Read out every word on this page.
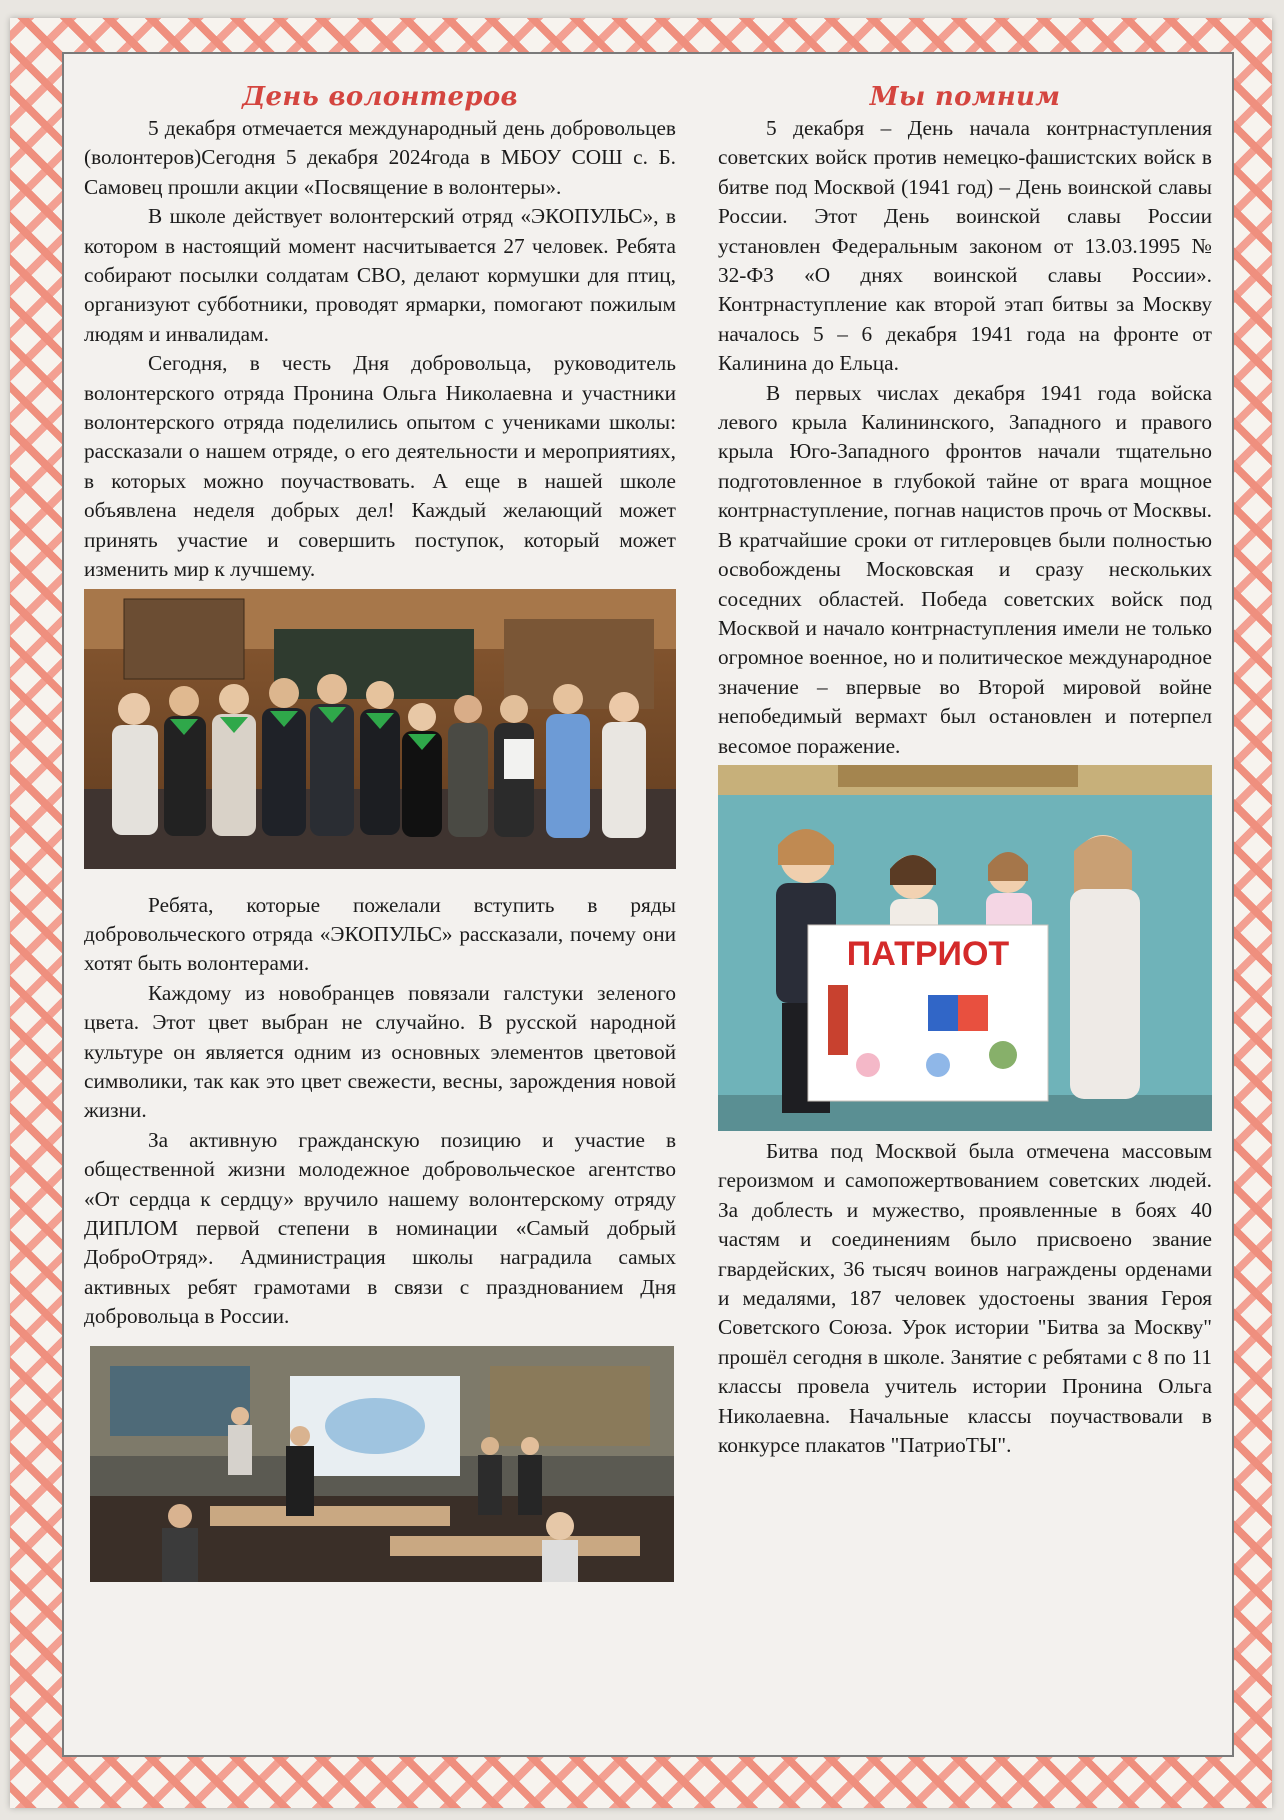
День волонтеров

5 декабря отмечается международный день добровольцев (волонтеров)Сегодня 5 декабря 2024года в МБОУ СОШ с. Б. Самовец прошли акции «Посвящение в волонтеры».

В школе действует волонтерский отряд «ЭКОПУЛЬС», в котором в настоящий момент насчитывается 27 человек. Ребята собирают посылки солдатам СВО, делают кормушки для птиц, организуют субботники, проводят ярмарки, помогают пожилым людям и инвалидам.

Сегодня, в честь Дня добровольца, руководитель волонтерского отряда Пронина Ольга Николаевна и участники волонтерского отряда поделились опытом с учениками школы: рассказали о нашем отряде, о его деятельности и мероприятиях, в которых можно поучаствовать. А еще в нашей школе объявлена неделя добрых дел! Каждый желающий может принять участие и совершить поступок, который может изменить мир к лучшему.

Ребята, которые пожелали вступить в ряды добровольческого отряда «ЭКОПУЛЬС» рассказали, почему они хотят быть волонтерами.

Каждому из новобранцев повязали галстуки зеленого цвета. Этот цвет выбран не случайно. В русской народной культуре он является одним из основных элементов цветовой символики, так как это цвет свежести, весны, зарождения новой жизни.

За активную гражданскую позицию и участие в общественной жизни молодежное добровольческое агентство «От сердца к сердцу» вручило нашему волонтерскому отряду ДИПЛОМ первой степени в номинации «Самый добрый ДоброОтряд». Администрация школы наградила самых активных ребят грамотами в связи с празднованием Дня добровольца в России.

Мы помним

5 декабря – День начала контрнаступления советских войск против немецко-фашистских войск в битве под Москвой (1941 год) – День воинской славы России. Этот День воинской славы России установлен Федеральным законом от 13.03.1995 № 32-ФЗ «О днях воинской славы России». Контрнаступление как второй этап битвы за Москву началось 5 – 6 декабря 1941 года на фронте от Калинина до Ельца.

В первых числах декабря 1941 года войска левого крыла Калининского, Западного и правого крыла Юго-Западного фронтов начали тщательно подготовленное в глубокой тайне от врага мощное контрнаступление, погнав нацистов прочь от Москвы. В кратчайшие сроки от гитлеровцев были полностью освобождены Московская и сразу нескольких соседних областей. Победа советских войск под Москвой и начало контрнаступления имели не только огромное военное, но и политическое международное значение – впервые во Второй мировой войне непобедимый вермахт был остановлен и потерпел весомое поражение.

ПАТРИОТ

Битва под Москвой была отмечена массовым героизмом и самопожертвованием советских людей. За доблесть и мужество, проявленные в боях 40 частям и соединениям было присвоено звание гвардейских, 36 тысяч воинов награждены орденами и медалями, 187 человек удостоены звания Героя Советского Союза. Урок истории "Битва за Москву" прошёл сегодня в школе. Занятие с ребятами с 8 по 11 классы провела учитель истории Пронина Ольга Николаевна. Начальные классы поучаствовали в конкурсе плакатов "ПатриоТЫ".
